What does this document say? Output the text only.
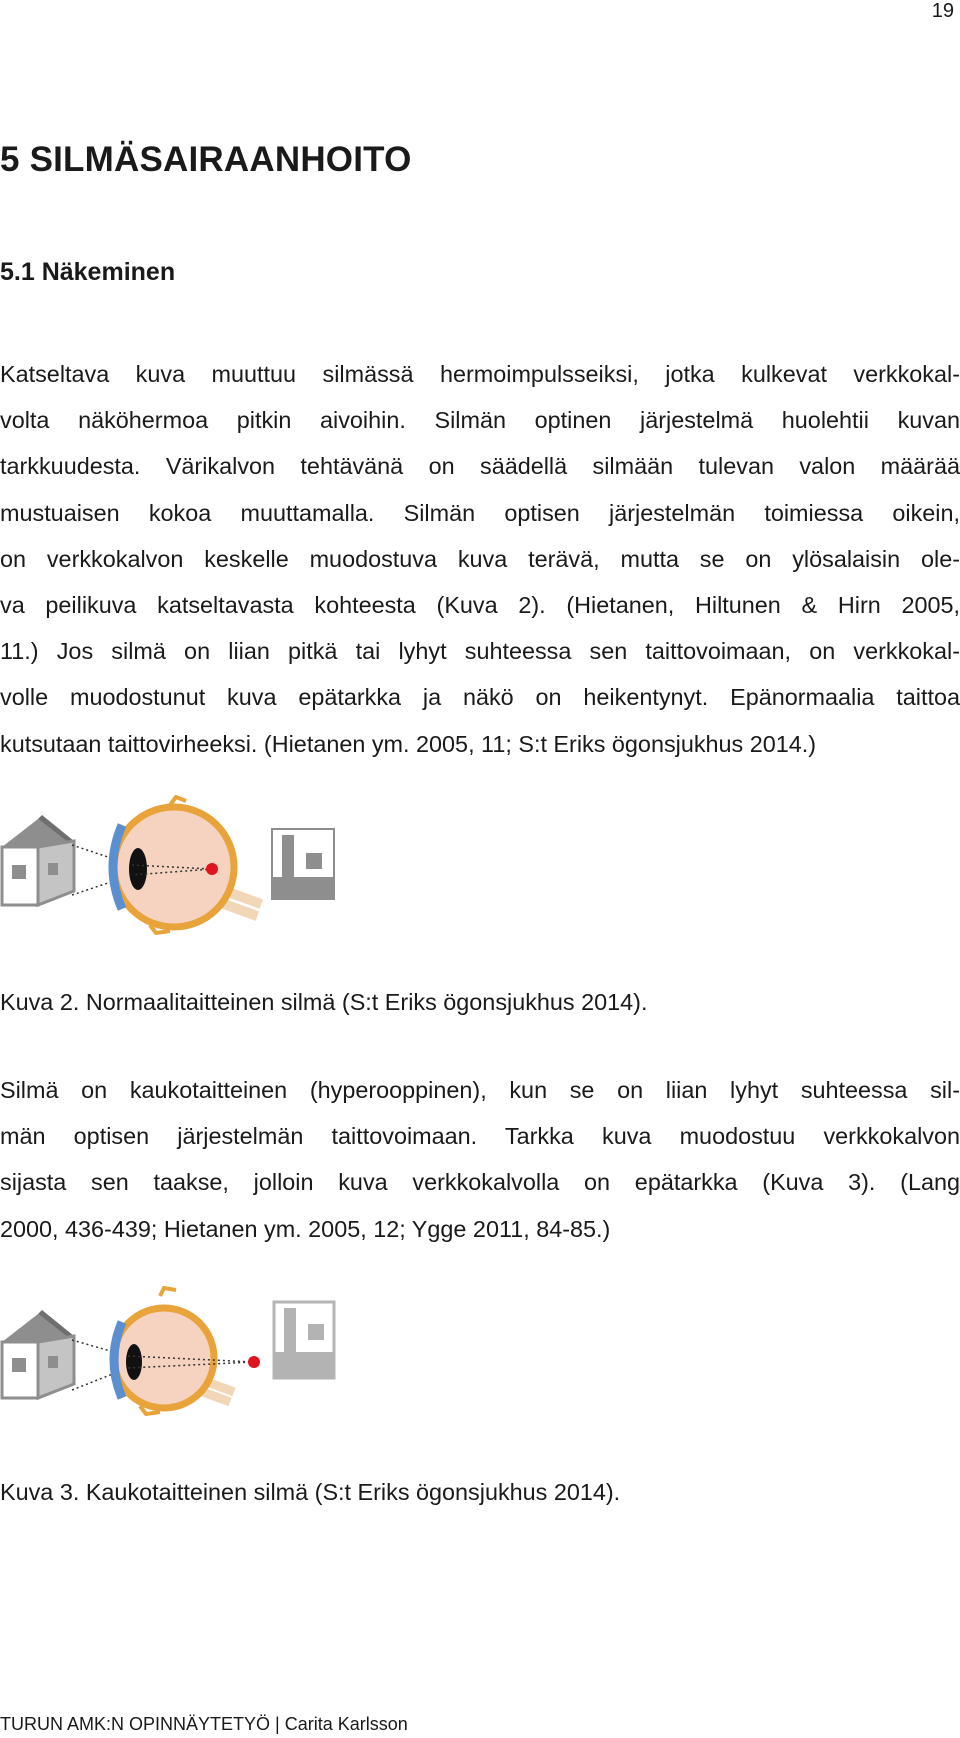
19
5 SILMÄSAIRAANHOITO
5.1 Näkeminen
Katseltava kuva muuttuu silmässä hermoimpulsseiksi, jotka kulkevat verkkokal-
volta näköhermoa pitkin aivoihin. Silmän optinen järjestelmä huolehtii kuvan
tarkkuudesta. Värikalvon tehtävänä on säädellä silmään tulevan valon määrää
mustuaisen kokoa muuttamalla. Silmän optisen järjestelmän toimiessa oikein,
on verkkokalvon keskelle muodostuva kuva terävä, mutta se on ylösalaisin ole-
va peilikuva katseltavasta kohteesta (Kuva 2). (Hietanen, Hiltunen & Hirn 2005,
11.) Jos silmä on liian pitkä tai lyhyt suhteessa sen taittovoimaan, on verkkokal-
volle muodostunut kuva epätarkka ja näkö on heikentynyt. Epänormaalia taittoa
kutsutaan taittovirheeksi. (Hietanen ym. 2005, 11; S:t Eriks ögonsjukhus 2014.)

Kuva 2. Normaalitaitteinen silmä (S:t Eriks ögonsjukhus 2014).

Silmä on kaukotaitteinen (hyperooppinen), kun se on liian lyhyt suhteessa sil-
män optisen järjestelmän taittovoimaan. Tarkka kuva muodostuu verkkokalvon
sijasta sen taakse, jolloin kuva verkkokalvolla on epätarkka (Kuva 3). (Lang
2000, 436-439; Hietanen ym. 2005, 12; Ygge 2011, 84-85.)

Kuva 3. Kaukotaitteinen silmä (S:t Eriks ögonsjukhus 2014).

TURUN AMK:N OPINNÄYTETYÖ | Carita Karlsson
